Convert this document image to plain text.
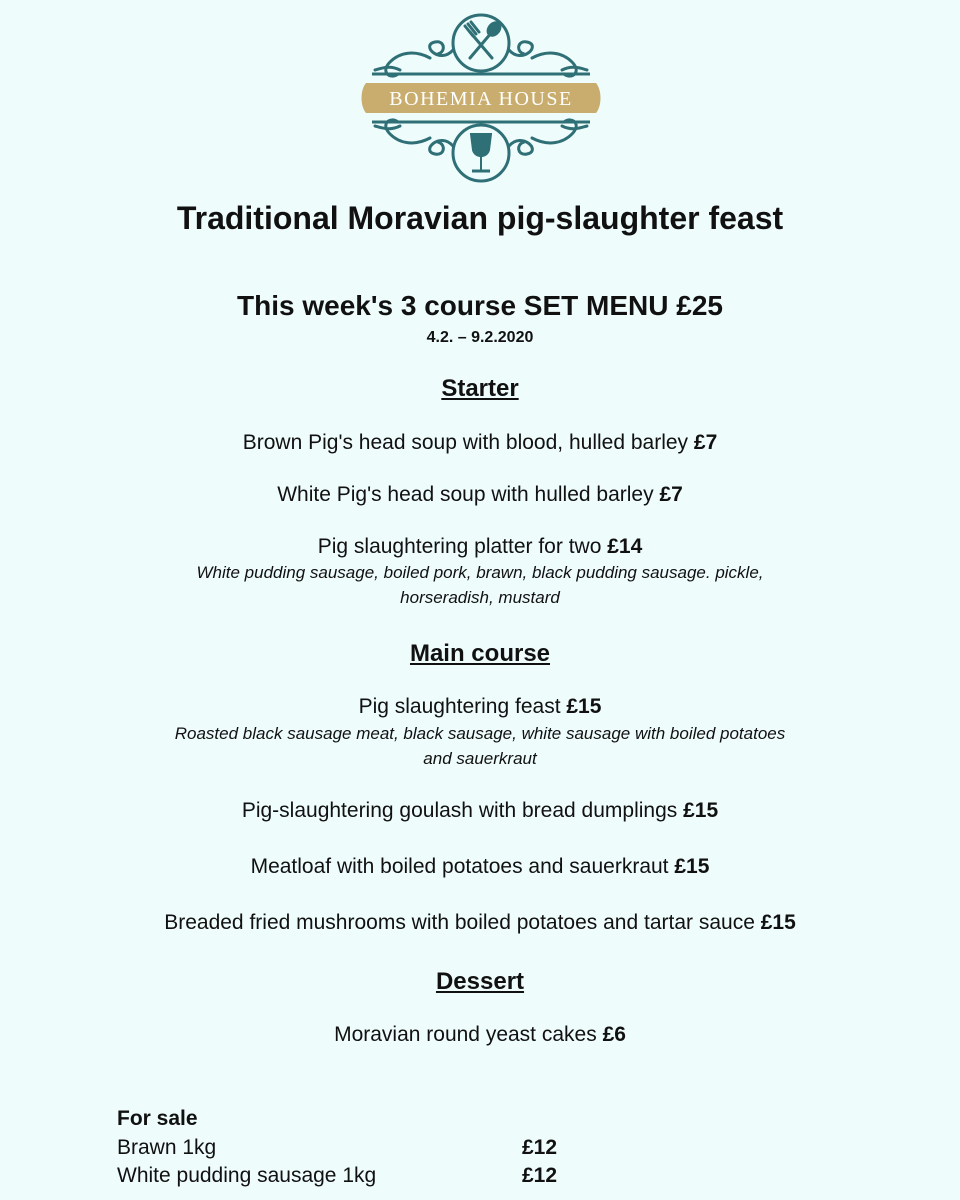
BOHEMIA HOUSE
Traditional Moravian pig-slaughter feast
This week's 3 course SET MENU £25
4.2. – 9.2.2020
Starter
Brown Pig's head soup with blood, hulled barley £7
White Pig's head soup with hulled barley £7
Pig slaughtering platter for two £14
White pudding sausage, boiled pork, brawn, black pudding sausage. pickle,
horseradish, mustard
Main course
Pig slaughtering feast £15
Roasted black sausage meat, black sausage, white sausage with boiled potatoes
and sauerkraut
Pig-slaughtering goulash with bread dumplings £15
Meatloaf with boiled potatoes and sauerkraut £15
Breaded fried mushrooms with boiled potatoes and tartar sauce £15
Dessert
Moravian round yeast cakes £6
For sale
Brawn 1kg	£12
White pudding sausage 1kg	£12
